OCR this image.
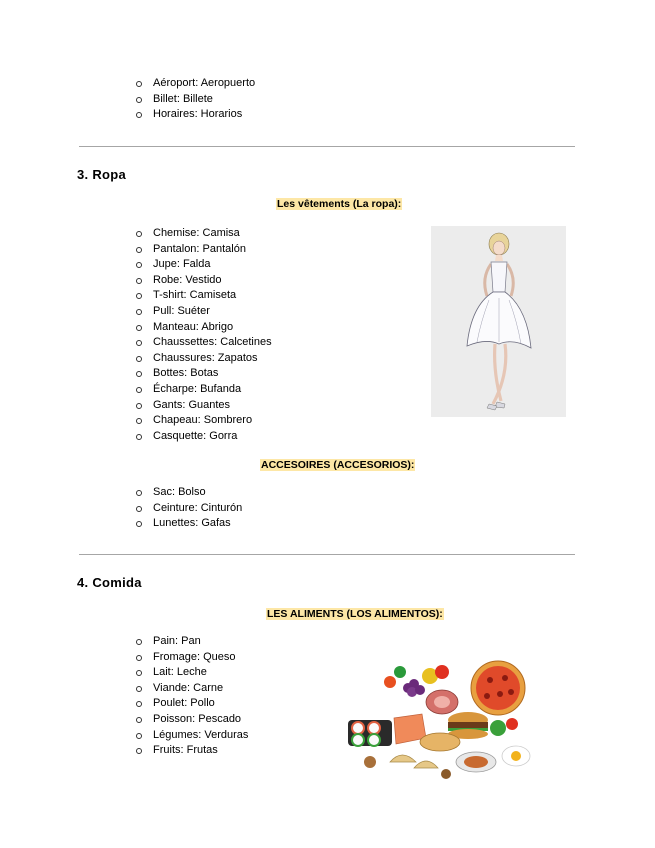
Aéroport: Aeropuerto
Billet: Billete
Horaires: Horarios
3. Ropa
Les vêtements (La ropa):
Chemise: Camisa
Pantalon: Pantalón
Jupe: Falda
Robe: Vestido
T-shirt: Camiseta
Pull: Suéter
Manteau: Abrigo
Chaussettes: Calcetines
Chaussures: Zapatos
Bottes: Botas
Écharpe: Bufanda
Gants: Guantes
Chapeau: Sombrero
Casquette: Gorra
ACCESOIRES (ACCESORIOS):
Sac: Bolso
Ceinture: Cinturón
Lunettes: Gafas
4. Comida
LES ALIMENTS (LOS ALIMENTOS):
Pain: Pan
Fromage: Queso
Lait: Leche
Viande: Carne
Poulet: Pollo
Poisson: Pescado
Légumes: Verduras
Fruits: Frutas
